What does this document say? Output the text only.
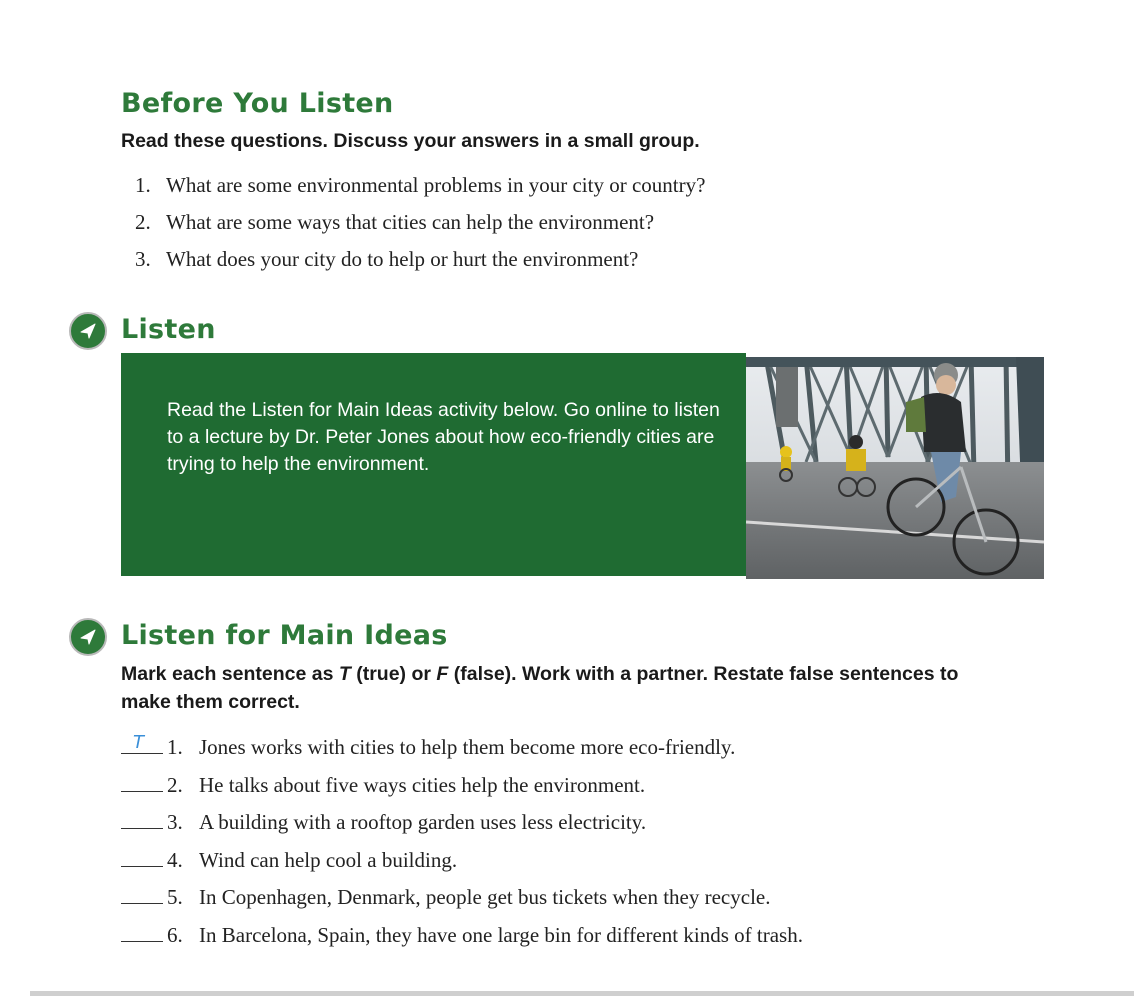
Before You Listen

Read these questions. Discuss your answers in a small group.

1. What are some environmental problems in your city or country?
2. What are some ways that cities can help the environment?
3. What does your city do to help or hurt the environment?
Listen

Read the Listen for Main Ideas activity below. Go online to listen to a lecture by Dr. Peter Jones about how eco-friendly cities are trying to help the environment.

Listen for Main Ideas

Mark each sentence as T (true) or F (false). Work with a partner. Restate false sentences to make them correct.

T 1. Jones works with cities to help them become more eco-friendly.
2. He talks about five ways cities help the environment.
3. A building with a rooftop garden uses less electricity.
4. Wind can help cool a building.
5. In Copenhagen, Denmark, people get bus tickets when they recycle.
6. In Barcelona, Spain, they have one large bin for different kinds of trash.
